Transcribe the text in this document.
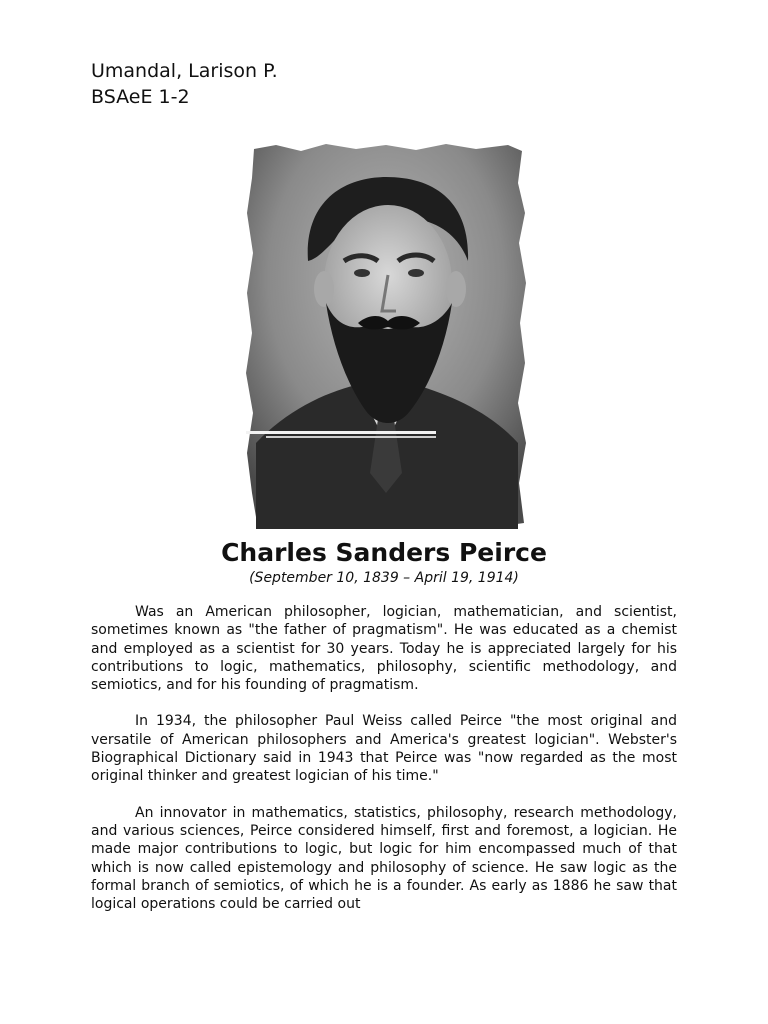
Umandal, Larison P.
BSAeE 1-2
Charles Sanders Peirce
(September 10, 1839 – April 19, 1914)

Was an American philosopher, logician, mathematician, and scientist, sometimes known as "the father of pragmatism". He was educated as a chemist and employed as a scientist for 30 years. Today he is appreciated largely for his contributions to logic, mathematics, philosophy, scientific methodology, and semiotics, and for his founding of pragmatism.

In 1934, the philosopher Paul Weiss called Peirce "the most original and versatile of American philosophers and America's greatest logician". Webster's Biographical Dictionary said in 1943 that Peirce was "now regarded as the most original thinker and greatest logician of his time."

An innovator in mathematics, statistics, philosophy, research methodology, and various sciences, Peirce considered himself, first and foremost, a logician. He made major contributions to logic, but logic for him encompassed much of that which is now called epistemology and philosophy of science. He saw logic as the formal branch of semiotics, of which he is a founder. As early as 1886 he saw that logical operations could be carried out
